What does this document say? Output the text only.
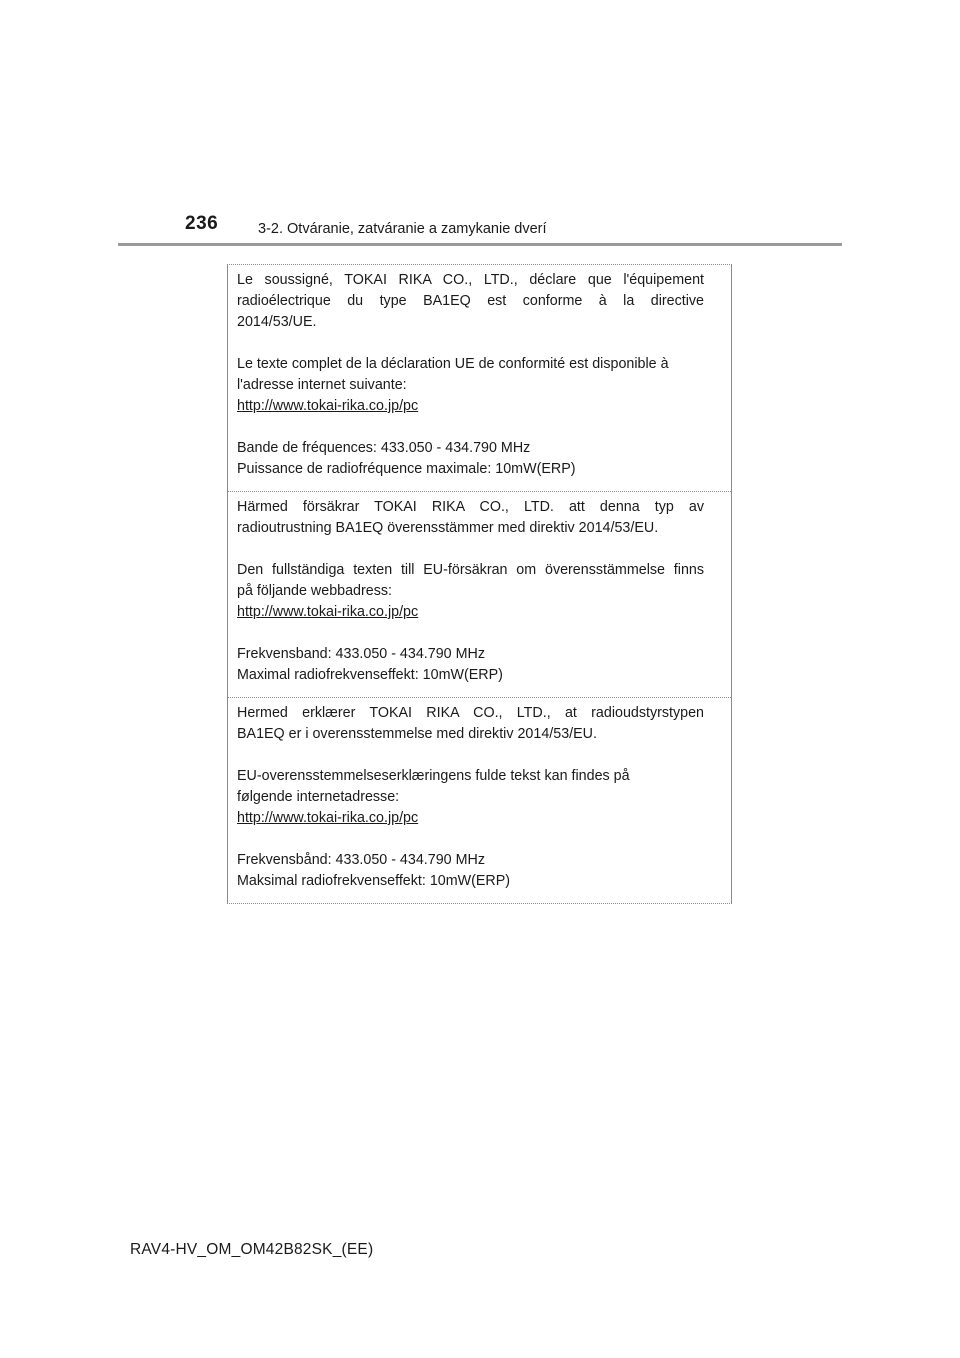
236	3-2. Otváranie, zatváranie a zamykanie dverí

Le soussigné, TOKAI RIKA CO., LTD., déclare que l'équipement
radioélectrique du type BA1EQ est conforme à la directive
2014/53/UE.

Le texte complet de la déclaration UE de conformité est disponible à
l'adresse internet suivante:
http://www.tokai-rika.co.jp/pc

Bande de fréquences: 433.050 - 434.790 MHz
Puissance de radiofréquence maximale: 10mW(ERP)

Härmed försäkrar TOKAI RIKA CO., LTD. att denna typ av
radioutrustning BA1EQ överensstämmer med direktiv 2014/53/EU.

Den fullständiga texten till EU-försäkran om överensstämmelse finns
på följande webbadress:
http://www.tokai-rika.co.jp/pc

Frekvensband: 433.050 - 434.790 MHz
Maximal radiofrekvenseffekt: 10mW(ERP)

Hermed erklærer TOKAI RIKA CO., LTD., at radioudstyrstypen
BA1EQ er i overensstemmelse med direktiv 2014/53/EU.

EU-overensstemmelseserklæringens fulde tekst kan findes på
følgende internetadresse:
http://www.tokai-rika.co.jp/pc

Frekvensbånd: 433.050 - 434.790 MHz
Maksimal radiofrekvenseffekt: 10mW(ERP)

RAV4-HV_OM_OM42B82SK_(EE)
